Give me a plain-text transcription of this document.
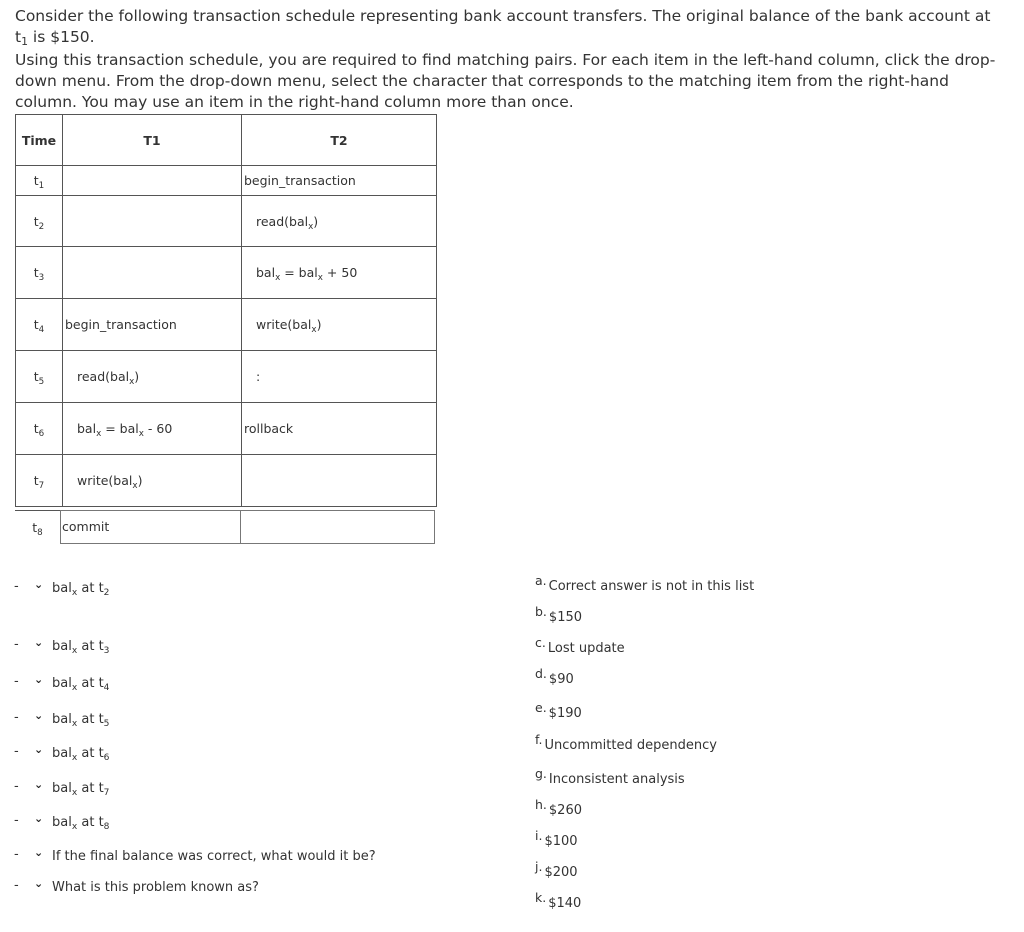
Consider the following transaction schedule representing bank account transfers. The original balance of the bank account at $t_1$ is $150.

Using this transaction schedule, you are required to find matching pairs. For each item in the left-hand column, click the drop-down menu. From the drop-down menu, select the character that corresponds to the matching item from the right-hand column. You may use an item in the right-hand column more than once.

Time	T1	T2
$t_1$		begin_transaction
$t_2$		read(bal$_x$)
$t_3$		bal$_x$ = bal$_x$ + 50
$t_4$	begin_transaction	write(bal$_x$)
$t_5$	read(bal$_x$)	:
$t_6$	bal$_x$ = bal$_x$ - 60	rollback
$t_7$	write(bal$_x$)	
$t_8$	commit
- ⌄ bal$_x$ at $t_2$
- ⌄ bal$_x$ at $t_3$
- ⌄ bal$_x$ at $t_4$
- ⌄ bal$_x$ at $t_5$
- ⌄ bal$_x$ at $t_6$
- ⌄ bal$_x$ at $t_7$
- ⌄ bal$_x$ at $t_8$
- ⌄ If the final balance was correct, what would it be?
- ⌄ What is this problem known as?
a. Correct answer is not in this list
b. $150
c. Lost update
d. $90
e. $190
f. Uncommitted dependency
g. Inconsistent analysis
h. $260
i. $100
j. $200
k. $140
